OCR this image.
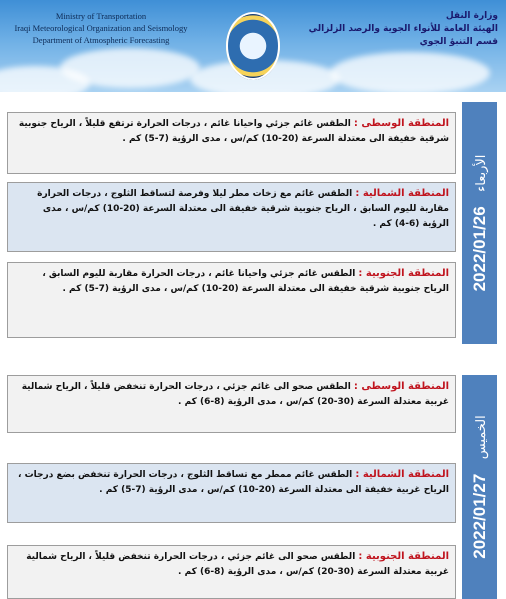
Ministry of Transportation
Iraqi Meteorological Organization and Seismology
Department of Atmospheric Forecasting
وزارة النقل
الهيئة العامة للأنواء الجوية والرصد الزلزالي
قسم التنبؤ الجوي
المنطقة الوسطى : الطقس غائم جزئي واحيانا غائم ، درجات الحرارة ترتفع قليلاً ، الرياح جنوبية شرقية خفيفة الى معتدلة السرعة (20-10) كم/س ، مدى الرؤية (7-5) كم .
المنطقة الشمالية : الطقس غائم مع زخات مطر ليلا وفرصة لتساقط الثلوج ، درجات الحرارة مقاربة لليوم السابق ، الرياح جنوبية شرقية خفيفة الى معتدلة السرعة (20-10) كم/س ، مدى الرؤية (6-4) كم .
المنطقة الجنوبية : الطقس غائم جزئي واحيانا غائم ، درجات الحرارة مقاربة لليوم السابق ، الرياح جنوبية شرقية خفيفة الى معتدلة السرعة (20-10) كم/س ، مدى الرؤية (7-5) كم .	2022/01/26 الأربعاء
المنطقة الوسطى : الطقس صحو الى غائم جزئي ، درجات الحرارة تنخفض قليلاً ، الرياح شمالية غربية معتدلة السرعة (30-20) كم/س ، مدى الرؤية (8-6) كم .
المنطقة الشمالية : الطقس غائم ممطر مع تساقط الثلوج ، درجات الحرارة تنخفض بضع درجات ، الرياح غربية خفيفة الى معتدلة السرعة (20-10) كم/س ، مدى الرؤية (7-5) كم .
المنطقة الجنوبية : الطقس صحو الى غائم جزئي ، درجات الحرارة تنخفض قليلاً ، الرياح شمالية غربية معتدلة السرعة (30-20) كم/س ، مدى الرؤية (8-6) كم .
2022/01/27 الخميس
